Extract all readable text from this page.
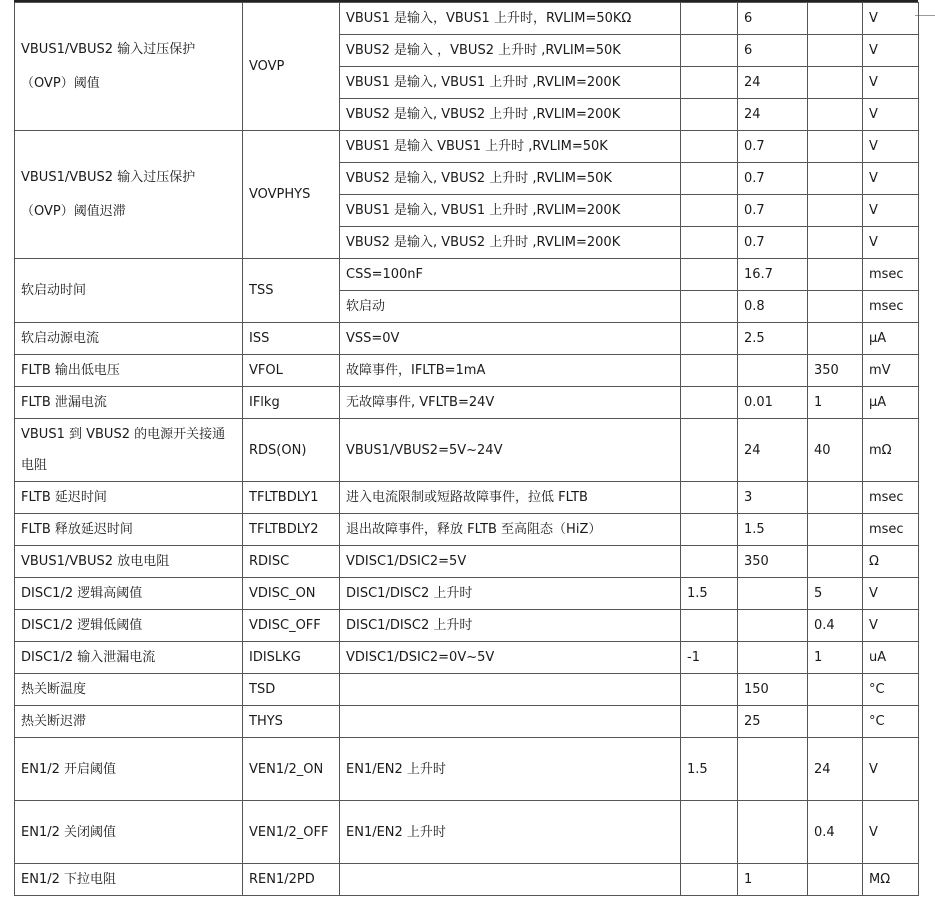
VBUS1/VBUS2 输入过压保护（OVP）阈值	VOVP	VBUS1 是输入，VBUS1 上升时，RVLIM=50KΩ		6		V
		VBUS2 是输入 ，VBUS2 上升时 ,RVLIM=50K		6		V
		VBUS1 是输入, VBUS1 上升时 ,RVLIM=200K		24		V
		VBUS2 是输入, VBUS2 上升时 ,RVLIM=200K		24		V
VBUS1/VBUS2 输入过压保护（OVP）阈值迟滞	VOVPHYS	VBUS1 是输入 VBUS1 上升时 ,RVLIM=50K		0.7		V
		VBUS2 是输入, VBUS2 上升时 ,RVLIM=50K		0.7		V
		VBUS1 是输入, VBUS1 上升时 ,RVLIM=200K		0.7		V
		VBUS2 是输入, VBUS2 上升时 ,RVLIM=200K		0.7		V
软启动时间	TSS	CSS=100nF		16.7		msec
		软启动		0.8		msec
软启动源电流	ISS	VSS=0V		2.5		µA
FLTB 输出低电压	VFOL	故障事件，IFLTB=1mA			350	mV
FLTB 泄漏电流	IFlkg	无故障事件, VFLTB=24V		0.01	1	µA
VBUS1 到 VBUS2 的电源开关接通电阻	RDS(ON)	VBUS1/VBUS2=5V~24V		24	40	mΩ
FLTB 延迟时间	TFLTBDLY1	进入电流限制或短路故障事件，拉低 FLTB		3		msec
FLTB 释放延迟时间	TFLTBDLY2	退出故障事件，释放 FLTB 至高阻态（HiZ）		1.5		msec
VBUS1/VBUS2 放电电阻	RDISC	VDISC1/DSIC2=5V		350		Ω
DISC1/2 逻辑高阈值	VDISC_ON	DISC1/DISC2 上升时	1.5		5	V
DISC1/2 逻辑低阈值	VDISC_OFF	DISC1/DISC2 上升时			0.4	V
DISC1/2 输入泄漏电流	IDISLKG	VDISC1/DSIC2=0V~5V	-1		1	uA
热关断温度	TSD			150		°C
热关断迟滞	THYS			25		°C
EN1/2 开启阈值	VEN1/2_ON	EN1/EN2 上升时	1.5		24	V
EN1/2 关闭阈值	VEN1/2_OFF	EN1/EN2 上升时			0.4	V
EN1/2 下拉电阻	REN1/2PD			1		MΩ
